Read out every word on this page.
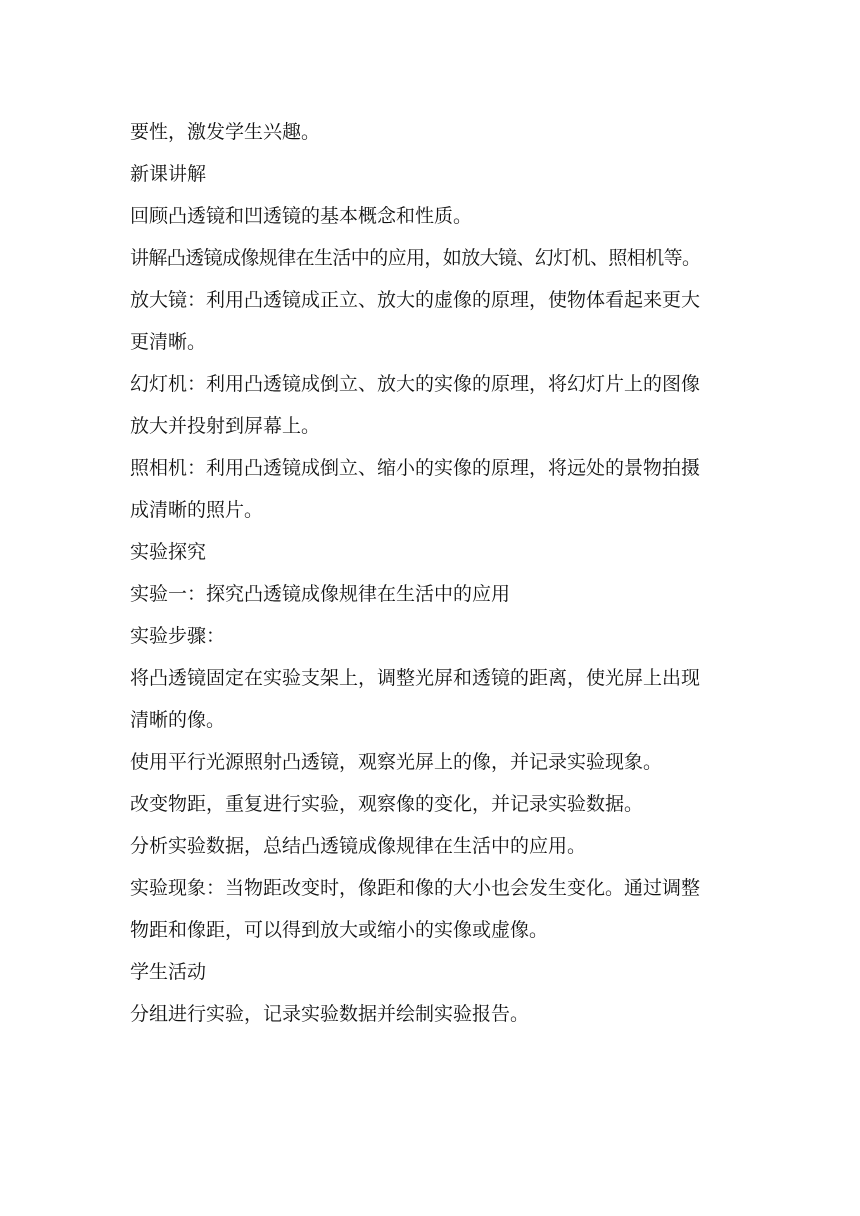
要性，激发学生兴趣。
新课讲解
回顾凸透镜和凹透镜的基本概念和性质。
讲解凸透镜成像规律在生活中的应用，如放大镜、幻灯机、照相机等。
放大镜：利用凸透镜成正立、放大的虚像的原理，使物体看起来更大
更清晰。
幻灯机：利用凸透镜成倒立、放大的实像的原理，将幻灯片上的图像
放大并投射到屏幕上。
照相机：利用凸透镜成倒立、缩小的实像的原理，将远处的景物拍摄
成清晰的照片。
实验探究
实验一：探究凸透镜成像规律在生活中的应用
实验步骤：
将凸透镜固定在实验支架上，调整光屏和透镜的距离，使光屏上出现
清晰的像。
使用平行光源照射凸透镜，观察光屏上的像，并记录实验现象。
改变物距，重复进行实验，观察像的变化，并记录实验数据。
分析实验数据，总结凸透镜成像规律在生活中的应用。
实验现象：当物距改变时，像距和像的大小也会发生变化。通过调整
物距和像距，可以得到放大或缩小的实像或虚像。
学生活动
分组进行实验，记录实验数据并绘制实验报告。
